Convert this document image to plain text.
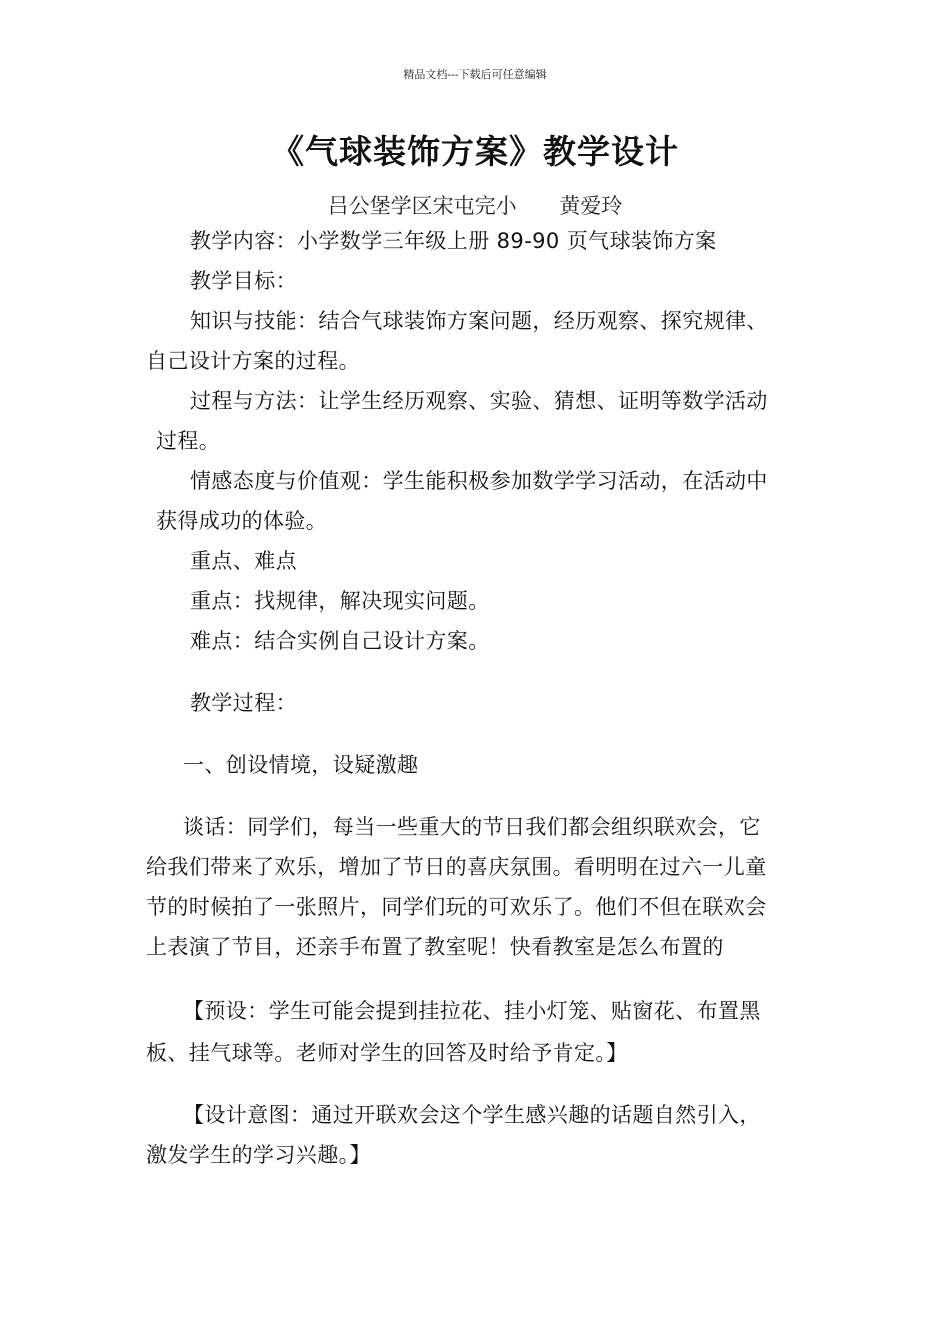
精品文档---下载后可任意编辑
《气球装饰方案》教学设计
吕公堡学区宋屯完小 黄爱玲
教学内容：小学数学三年级上册 89-90 页气球装饰方案
教学目标：
知识与技能：结合气球装饰方案问题，经历观察、探究规律、
自己设计方案的过程。
过程与方法：让学生经历观察、实验、猜想、证明等数学活动
过程。
情感态度与价值观：学生能积极参加数学学习活动，在活动中
获得成功的体验。
重点、难点
重点：找规律，解决现实问题。
难点：结合实例自己设计方案。
教学过程：
一、创设情境，设疑激趣
谈话：同学们，每当一些重大的节日我们都会组织联欢会，它
给我们带来了欢乐，增加了节日的喜庆氛围。看明明在过六一儿童
节的时候拍了一张照片，同学们玩的可欢乐了。他们不但在联欢会
上表演了节目，还亲手布置了教室呢！快看教室是怎么布置的
【预设：学生可能会提到挂拉花、挂小灯笼、贴窗花、布置黑
板、挂气球等。老师对学生的回答及时给予肯定。】
【设计意图：通过开联欢会这个学生感兴趣的话题自然引入，
激发学生的学习兴趣。】
